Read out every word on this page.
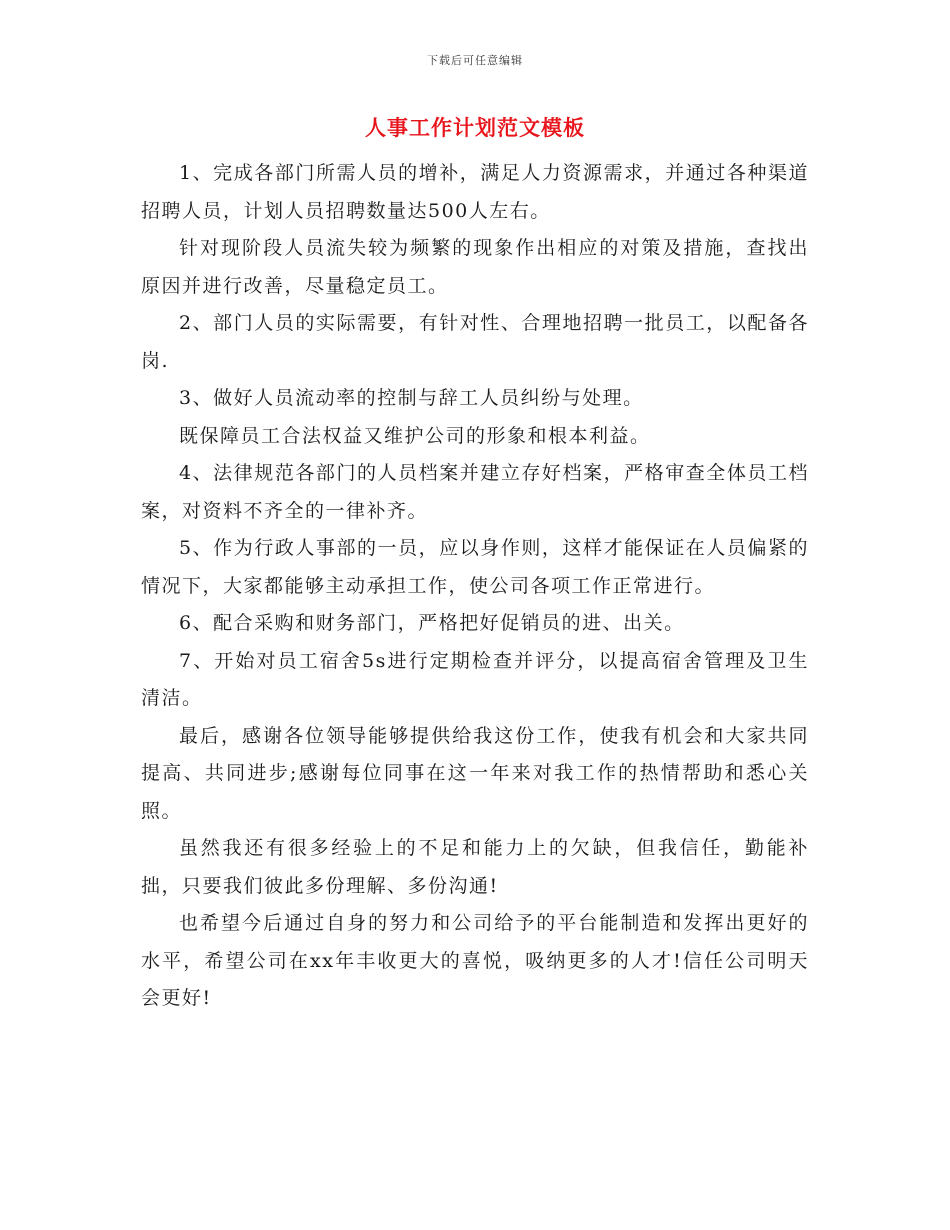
下载后可任意编辑
人事工作计划范文模板

1、完成各部门所需人员的增补，满足人力资源需求，并通过各种渠道招聘人员，计划人员招聘数量达500人左右。

针对现阶段人员流失较为频繁的现象作出相应的对策及措施，查找出原因并进行改善，尽量稳定员工。

2、部门人员的实际需要，有针对性、合理地招聘一批员工，以配备各岗.

3、做好人员流动率的控制与辞工人员纠纷与处理。

既保障员工合法权益又维护公司的形象和根本利益。

4、法律规范各部门的人员档案并建立存好档案，严格审查全体员工档案，对资料不齐全的一律补齐。

5、作为行政人事部的一员，应以身作则，这样才能保证在人员偏紧的情况下，大家都能够主动承担工作，使公司各项工作正常进行。

6、配合采购和财务部门，严格把好促销员的进、出关。

7、开始对员工宿舍5s进行定期检查并评分，以提高宿舍管理及卫生清洁。

最后，感谢各位领导能够提供给我这份工作，使我有机会和大家共同提高、共同进步;感谢每位同事在这一年来对我工作的热情帮助和悉心关照。

虽然我还有很多经验上的不足和能力上的欠缺，但我信任，勤能补拙，只要我们彼此多份理解、多份沟通!

也希望今后通过自身的努力和公司给予的平台能制造和发挥出更好的水平，希望公司在xx年丰收更大的喜悦，吸纳更多的人才!信任公司明天会更好!
